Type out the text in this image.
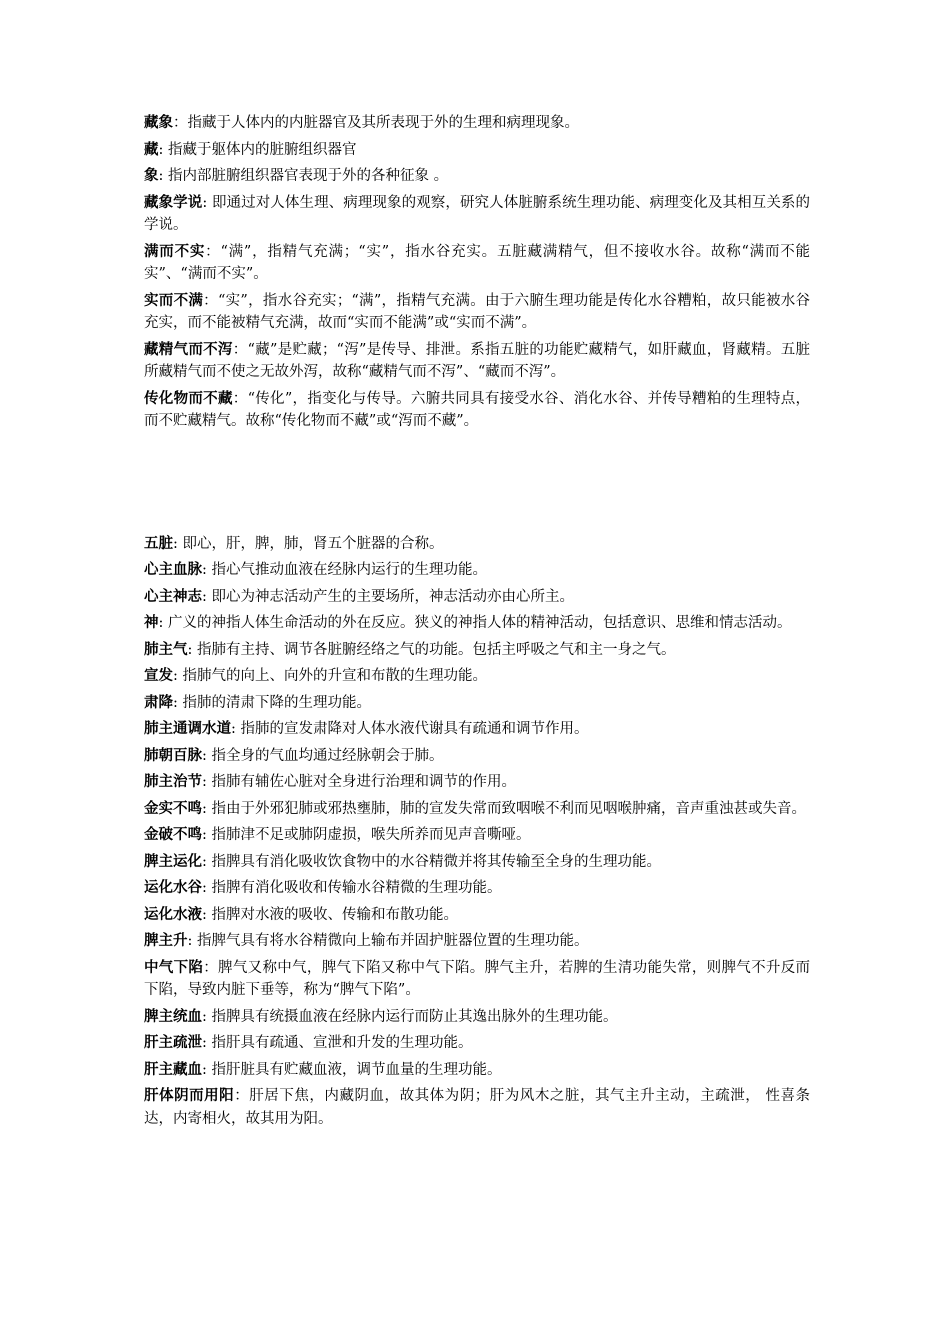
藏象：指藏于人体内的内脏器官及其所表现于外的生理和病理现象。

藏: 指藏于躯体内的脏腑组织器官

象: 指内部脏腑组织器官表现于外的各种征象 。

藏象学说: 即通过对人体生理、病理现象的观察，研究人体脏腑系统生理功能、病理变化及其相互关系的学说。

满而不实：“满”，指精气充满；“实”，指水谷充实。五脏藏满精气，但不接收水谷。故称“满而不能实”、“满而不实”。

实而不满：“实”，指水谷充实；“满”，指精气充满。由于六腑生理功能是传化水谷糟粕，故只能被水谷充实，而不能被精气充满，故而“实而不能满”或“实而不满”。

藏精气而不泻：“藏”是贮藏；“泻”是传导、排泄。系指五脏的功能贮藏精气，如肝藏血，肾藏精。五脏所藏精气而不使之无故外泻，故称“藏精气而不泻”、“藏而不泻”。

传化物而不藏：“传化”，指变化与传导。六腑共同具有接受水谷、消化水谷、并传导糟粕的生理特点，而不贮藏精气。故称“传化物而不藏”或“泻而不藏”。

五脏: 即心，肝，脾，肺，肾五个脏器的合称。

心主血脉: 指心气推动血液在经脉内运行的生理功能。

心主神志: 即心为神志活动产生的主要场所，神志活动亦由心所主。

神: 广义的神指人体生命活动的外在反应。狭义的神指人体的精神活动，包括意识、思维和情志活动。

肺主气: 指肺有主持、调节各脏腑经络之气的功能。包括主呼吸之气和主一身之气。

宣发: 指肺气的向上、向外的升宣和布散的生理功能。

肃降: 指肺的清肃下降的生理功能。

肺主通调水道: 指肺的宣发肃降对人体水液代谢具有疏通和调节作用。

肺朝百脉: 指全身的气血均通过经脉朝会于肺。

肺主治节: 指肺有辅佐心脏对全身进行治理和调节的作用。

金实不鸣: 指由于外邪犯肺或邪热壅肺，肺的宣发失常而致咽喉不利而见咽喉肿痛，音声重浊甚或失音。

金破不鸣: 指肺津不足或肺阴虚损，喉失所养而见声音嘶哑。

脾主运化: 指脾具有消化吸收饮食物中的水谷精微并将其传输至全身的生理功能。

运化水谷: 指脾有消化吸收和传输水谷精微的生理功能。

运化水液: 指脾对水液的吸收、传输和布散功能。

脾主升: 指脾气具有将水谷精微向上输布并固护脏器位置的生理功能。

中气下陷：脾气又称中气，脾气下陷又称中气下陷。脾气主升，若脾的生清功能失常，则脾气不升反而下陷，导致内脏下垂等，称为“脾气下陷”。

脾主统血: 指脾具有统摄血液在经脉内运行而防止其逸出脉外的生理功能。

肝主疏泄: 指肝具有疏通、宣泄和升发的生理功能。

肝主藏血: 指肝脏具有贮藏血液，调节血量的生理功能。

肝体阴而用阳：肝居下焦，内藏阴血，故其体为阴；肝为风木之脏，其气主升主动，主疏泄， 性喜条达，内寄相火，故其用为阳。
